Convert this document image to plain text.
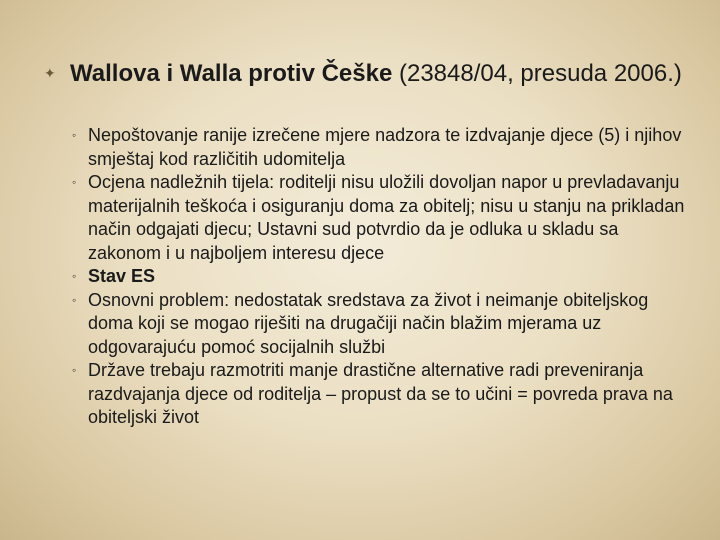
✦ Wallova i Walla protiv Češke (23848/04, presuda 2006.)
◦ Nepoštovanje ranije izrečene mjere nadzora te izdvajanje djece (5) i njihov smještaj kod različitih udomitelja
◦ Ocjena nadležnih tijela: roditelji nisu uložili dovoljan napor u prevladavanju materijalnih teškoća i osiguranju doma za obitelj; nisu u stanju na prikladan način odgajati djecu; Ustavni sud potvrdio da je odluka u skladu sa zakonom i u najboljem interesu djece
◦ Stav ES
◦ Osnovni problem: nedostatak sredstava za život i neimanje obiteljskog doma koji se mogao riješiti na drugačiji način blažim mjerama uz odgovarajuću pomoć socijalnih službi
◦ Države trebaju razmotriti manje drastične alternative radi preveniranja razdvajanja djece od roditelja – propust da se to učini = povreda prava na obiteljski život
